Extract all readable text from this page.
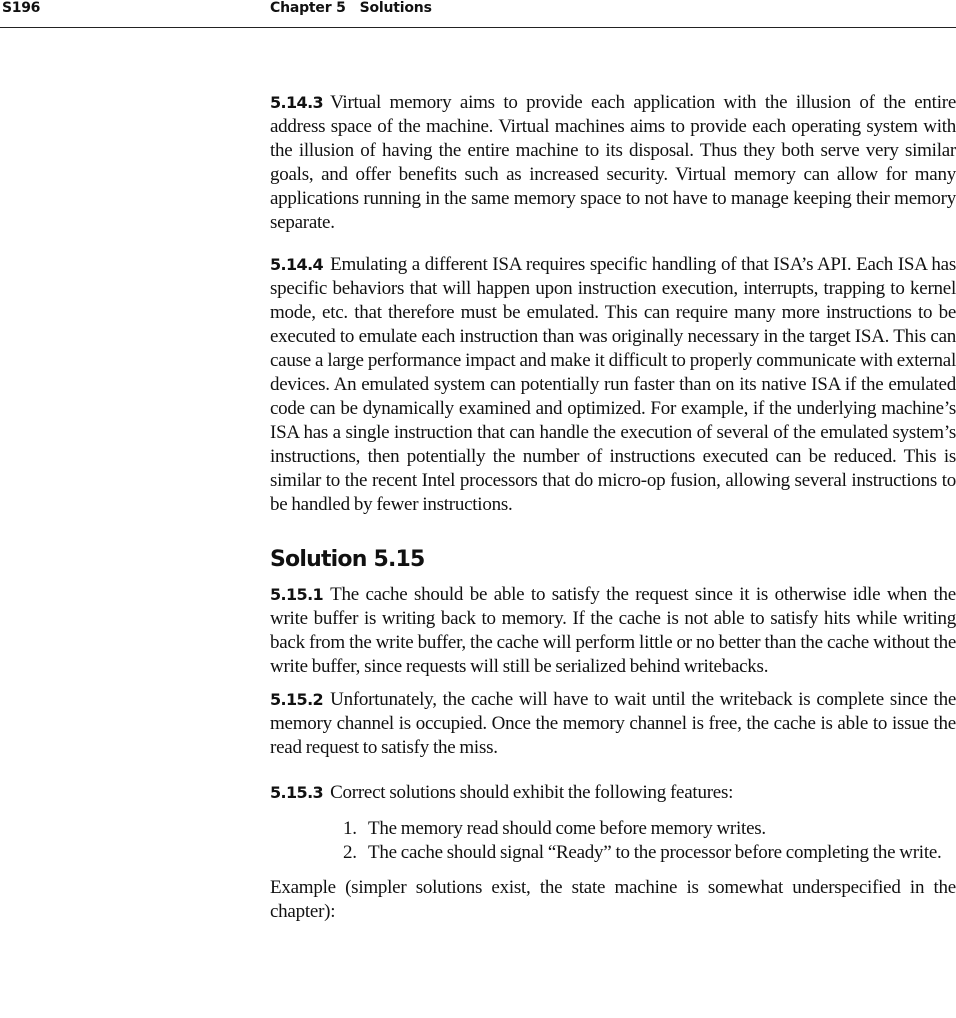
S196	Chapter 5 Solutions

5.14.3 Virtual memory aims to provide each application with the illusion of the entire address space of the machine. Virtual machines aims to provide each operating system with the illusion of having the entire machine to its disposal. Thus they both serve very similar goals, and offer benefits such as increased security. Virtual memory can allow for many applications running in the same memory space to not have to manage keeping their memory separate.

5.14.4 Emulating a different ISA requires specific handling of that ISA’s API. Each ISA has specific behaviors that will happen upon instruction execution, interrupts, trapping to kernel mode, etc. that therefore must be emulated. This can require many more instructions to be executed to emulate each instruction than was originally necessary in the target ISA. This can cause a large performance impact and make it difficult to properly communicate with external devices. An emulated system can potentially run faster than on its native ISA if the emulated code can be dynamically examined and optimized. For example, if the underlying machine’s ISA has a single instruction that can handle the execution of several of the emulated system’s instructions, then potentially the number of instructions executed can be reduced. This is similar to the recent Intel processors that do micro-op fusion, allowing several instructions to be handled by fewer instructions.

Solution 5.15

5.15.1 The cache should be able to satisfy the request since it is otherwise idle when the write buffer is writing back to memory. If the cache is not able to satisfy hits while writing back from the write buffer, the cache will perform little or no better than the cache without the write buffer, since requests will still be serialized behind writebacks.

5.15.2 Unfortunately, the cache will have to wait until the writeback is complete since the memory channel is occupied. Once the memory channel is free, the cache is able to issue the read request to satisfy the miss.

5.15.3 Correct solutions should exhibit the following features:

1. The memory read should come before memory writes.
2. The cache should signal “Ready” to the processor before completing the write.

Example (simpler solutions exist, the state machine is somewhat underspecified in the chapter):
